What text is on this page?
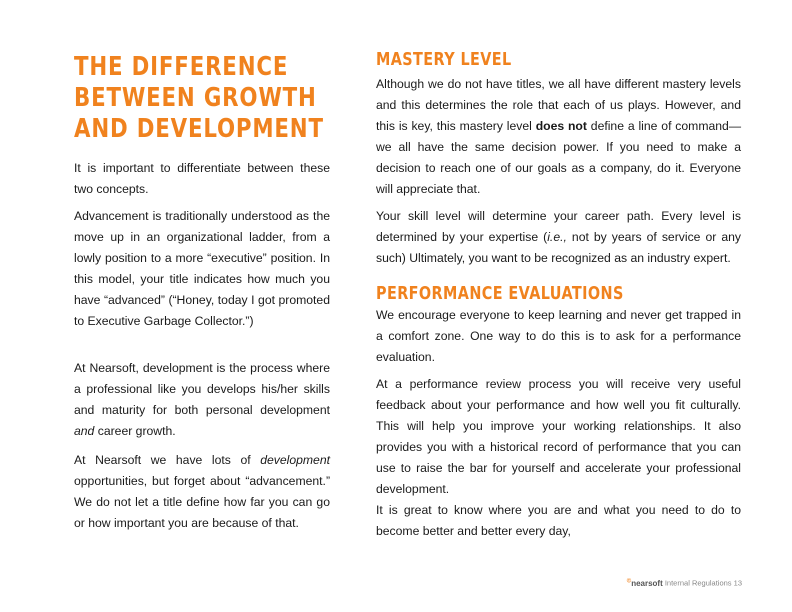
THE DIFFERENCE
BETWEEN GROWTH
AND DEVELOPMENT

It is important to differentiate between these two concepts.

Advancement is traditionally understood as the move up in an organizational ladder, from a lowly position to a more “executive” position. In this model, your title indicates how much you have “advanced” (“Honey, today I got promoted to Executive Garbage Collector.”)

At Nearsoft, development is the process where a professional like you develops his/her skills and maturity for both personal development and career growth.

At Nearsoft we have lots of development opportunities, but forget about “advancement.” We do not let a title define how far you can go or how important you are because of that.

MASTERY LEVEL

Although we do not have titles, we all have different mastery levels and this determines the role that each of us plays. However, and this is key, this mastery level does not define a line of command—we all have the same decision power. If you need to make a decision to reach one of our goals as a company, do it. Everyone will appreciate that.

Your skill level will determine your career path. Every level is determined by your expertise (i.e., not by years of service or any such) Ultimately, you want to be recognized as an industry expert.

PERFORMANCE EVALUATIONS

We encourage everyone to keep learning and never get trapped in a comfort zone. One way to do this is to ask for a performance evaluation.

At a performance review process you will receive very useful feedback about your performance and how well you fit culturally. This will help you improve your working relationships. It also provides you with a historical record of performance that you can use to raise the bar for yourself and accelerate your professional development.

It is great to know where you are and what you need to do to become better and better every day,

©nearsoft Internal Regulations 13
